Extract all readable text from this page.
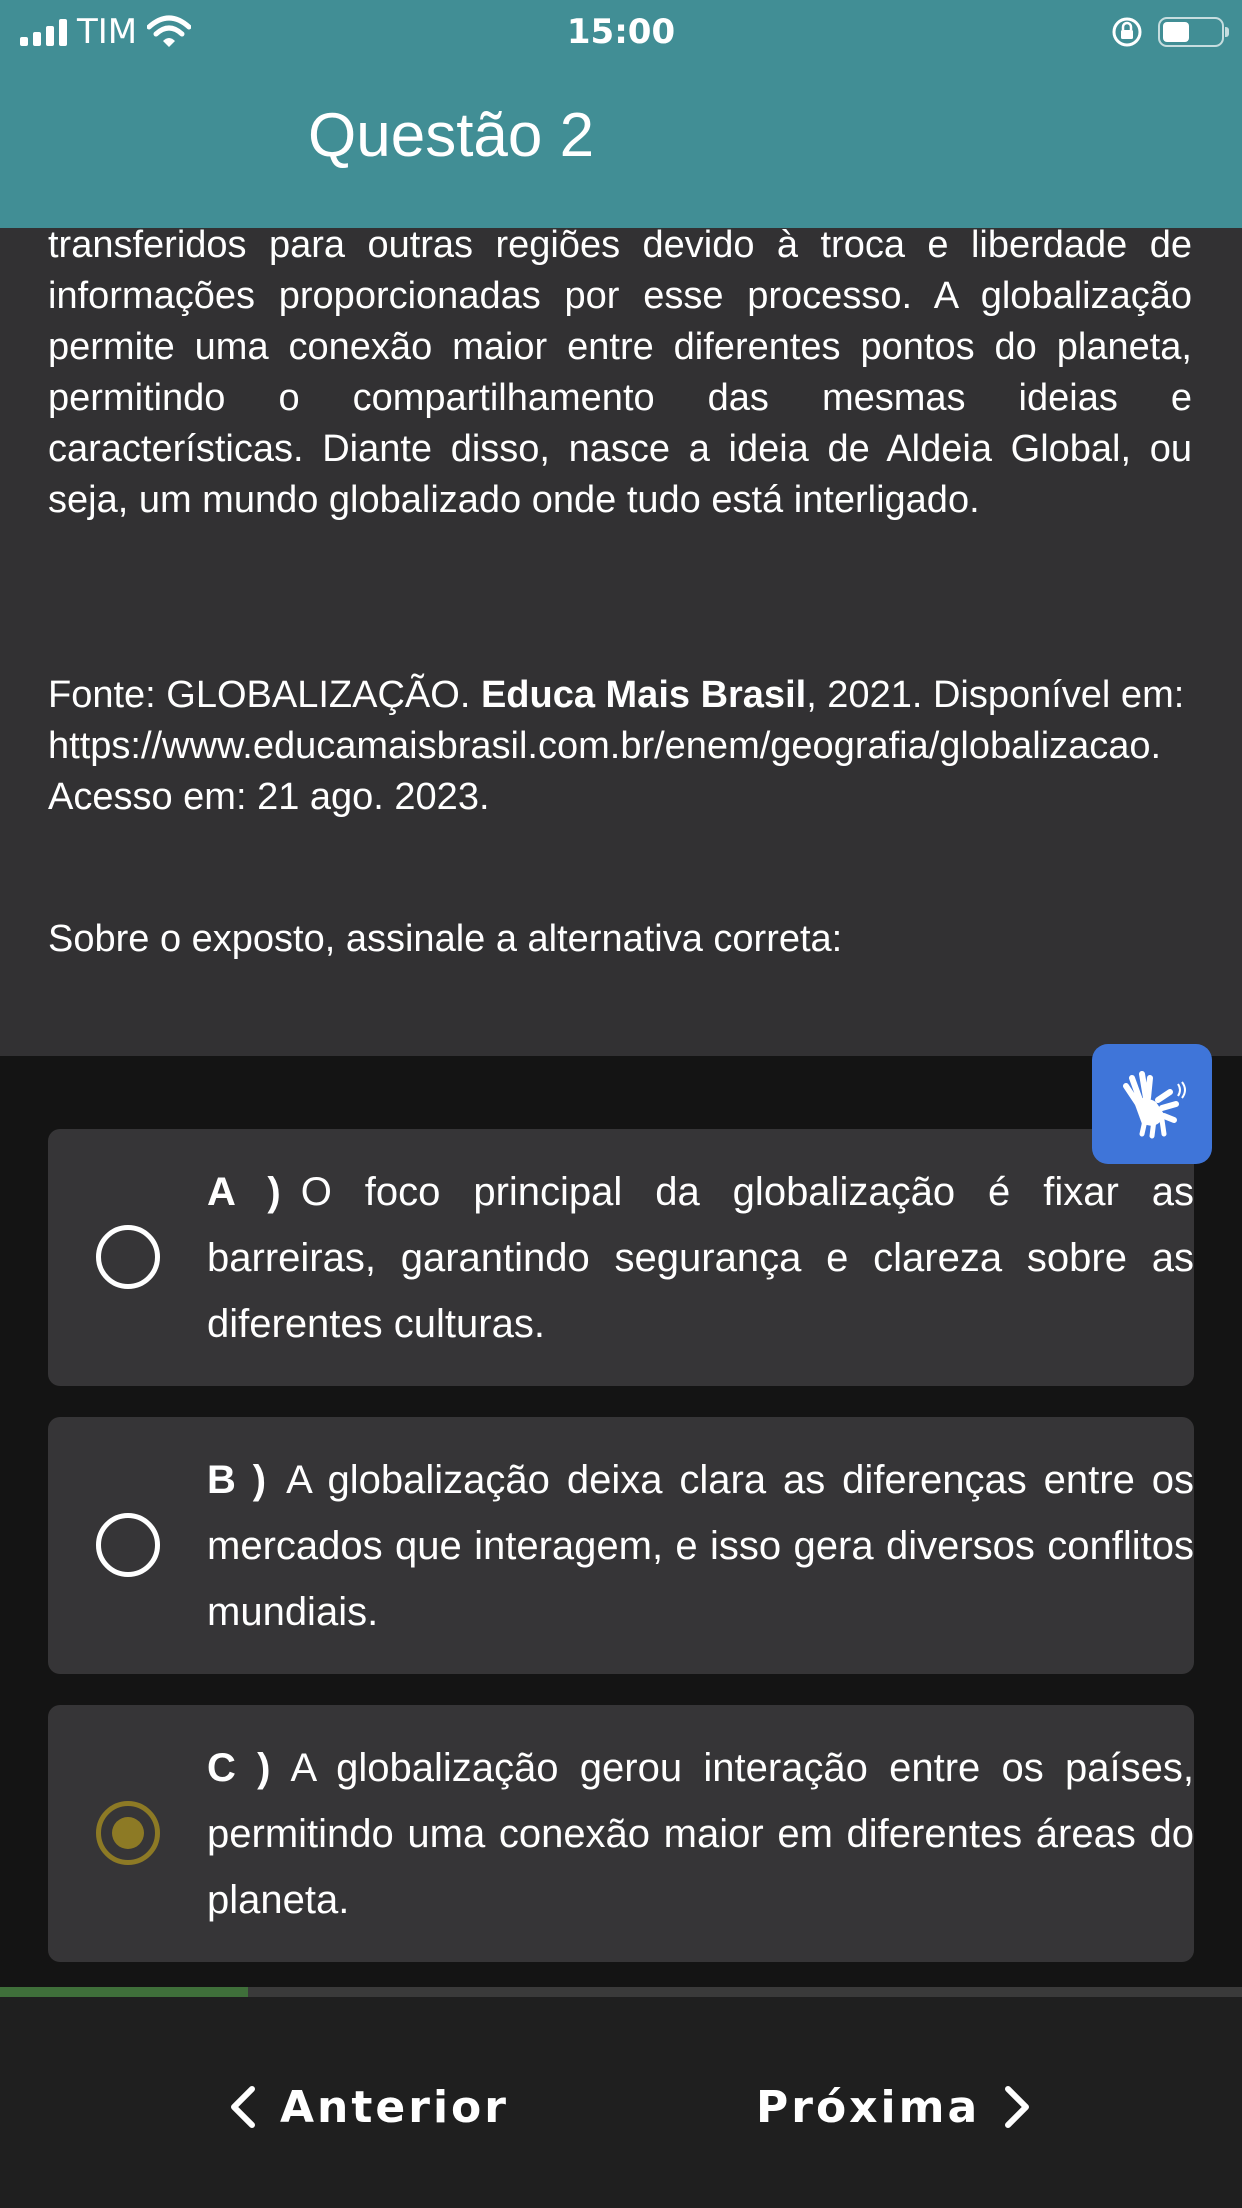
TIM	15:00
Questão 2

transferidos para outras regiões devido à troca e liberdade de informações proporcionadas por esse processo. A globalização permite uma conexão maior entre diferentes pontos do planeta, permitindo o compartilhamento das mesmas ideias e características. Diante disso, nasce a ideia de Aldeia Global, ou seja, um mundo globalizado onde tudo está interligado.

Fonte: GLOBALIZAÇÃO. Educa Mais Brasil, 2021. Disponível em: https://www.educamaisbrasil.com.br/enem/geografia/globalizacao. Acesso em: 21 ago. 2023.

Sobre o exposto, assinale a alternativa correta:

A ) O foco principal da globalização é fixar as barreiras, garantindo segurança e clareza sobre as diferentes culturas.

B ) A globalização deixa clara as diferenças entre os mercados que interagem, e isso gera diversos conflitos mundiais.

C ) A globalização gerou interação entre os países, permitindo uma conexão maior em diferentes áreas do planeta.

Anterior	Próxima
